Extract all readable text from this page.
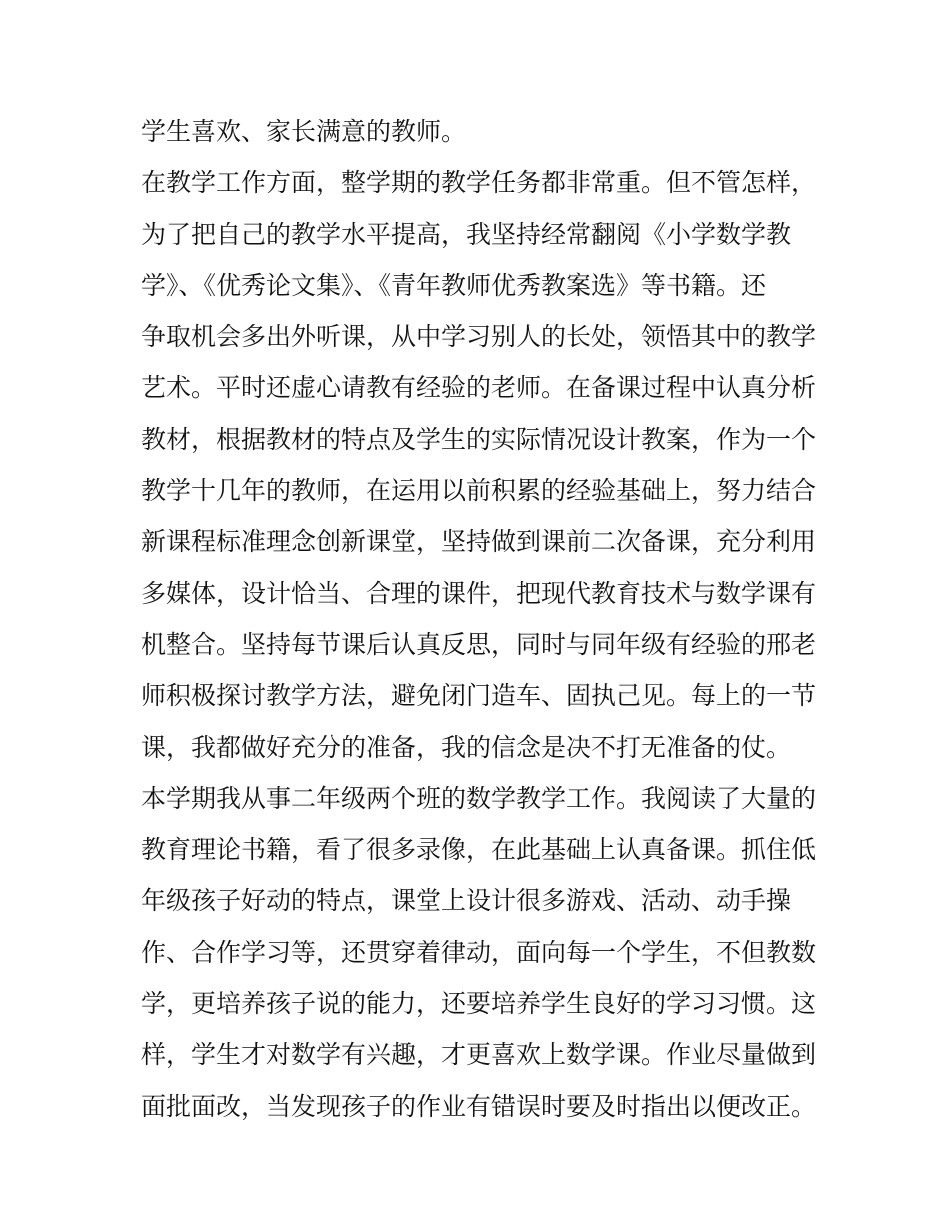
学生喜欢、家长满意的教师。
在教学工作方面，整学期的教学任务都非常重。但不管怎样，
为了把自己的教学水平提高，我坚持经常翻阅《小学数学教
学》、《优秀论文集》、《青年教师优秀教案选》等书籍。还
争取机会多出外听课，从中学习别人的长处，领悟其中的教学
艺术。平时还虚心请教有经验的老师。在备课过程中认真分析
教材，根据教材的特点及学生的实际情况设计教案，作为一个
教学十几年的教师，在运用以前积累的经验基础上，努力结合
新课程标准理念创新课堂，坚持做到课前二次备课，充分利用
多媒体，设计恰当、合理的课件，把现代教育技术与数学课有
机整合。坚持每节课后认真反思，同时与同年级有经验的邢老
师积极探讨教学方法，避免闭门造车、固执己见。每上的一节
课，我都做好充分的准备，我的信念是决不打无准备的仗。
本学期我从事二年级两个班的数学教学工作。我阅读了大量的
教育理论书籍，看了很多录像，在此基础上认真备课。抓住低
年级孩子好动的特点，课堂上设计很多游戏、活动、动手操
作、合作学习等，还贯穿着律动，面向每一个学生，不但教数
学，更培养孩子说的能力，还要培养学生良好的学习习惯。这
样，学生才对数学有兴趣，才更喜欢上数学课。作业尽量做到
面批面改，当发现孩子的作业有错误时要及时指出以便改正。
